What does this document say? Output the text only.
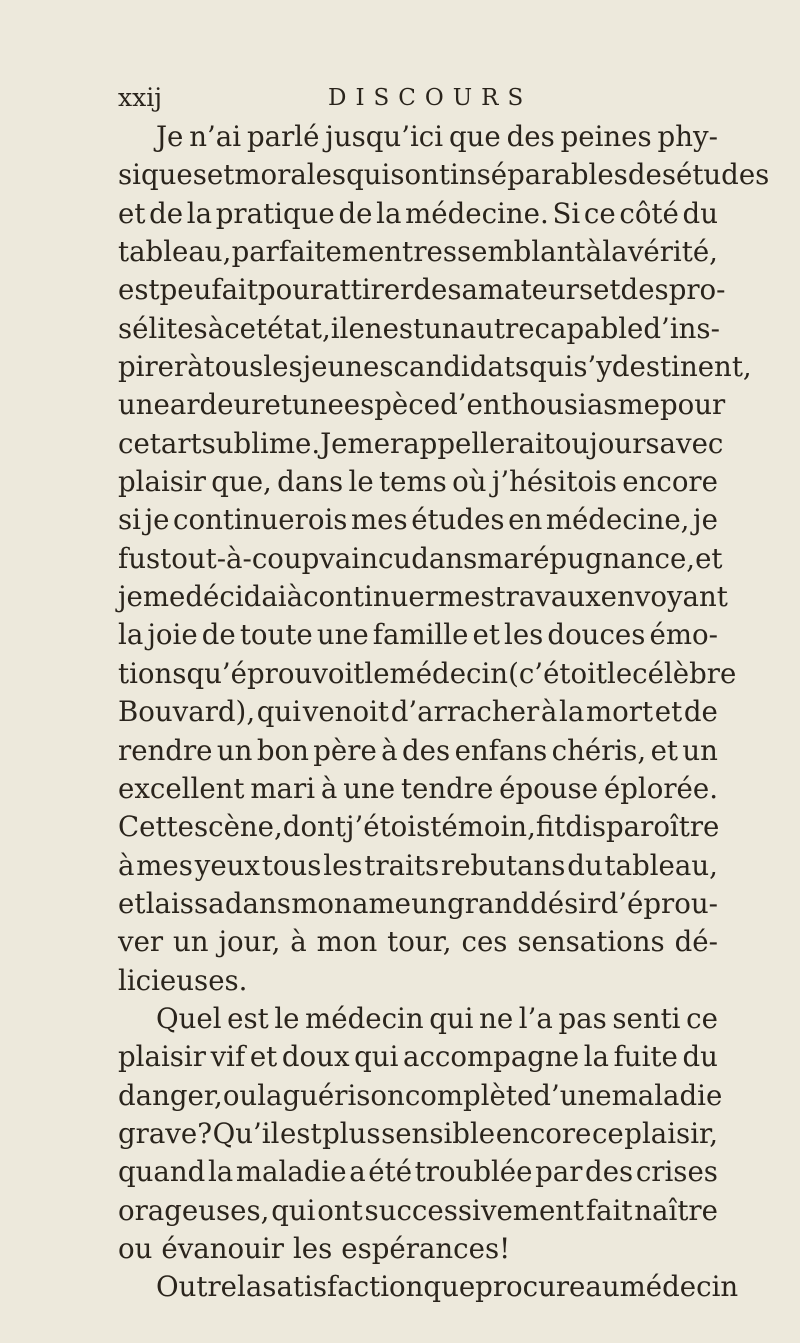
xxij	DISCOURS
Je n’ai parlé jusqu’ici que des peines phy-
siques et morales qui sont inséparables des études
et de la pratique de la médecine. Si ce côté du
tableau, parfaitement ressemblant à la vérité,
est peu fait pour attirer des amateurs et des pro-
sélites à cet état, il en est un autre capable d’ins-
pirer à tous les jeunes candidats qui s’y destinent,
une ardeur et une espèce d’enthousiasme pour
cet art sublime. Je me rappellerai toujours avec
plaisir que, dans le tems où j’hésitois encore
si je continuerois mes études en médecine, je
fus tout-à-coup vaincu dans ma répugnance, et
je me décidai à continuer mes travaux en voyant
la joie de toute une famille et les douces émo-
tions qu’éprouvoit le médecin (c’étoit le célèbre
Bouvard), qui venoit d’arracher à la mort et de
rendre un bon père à des enfans chéris, et un
excellent mari à une tendre épouse éplorée.
Cette scène, dont j’étois témoin, fit disparoître
à mes yeux tous les traits rebutans du tableau,
et laissa dans mon ame un grand désir d’éprou-
ver un jour, à mon tour, ces sensations dé-
licieuses.
Quel est le médecin qui ne l’a pas senti ce
plaisir vif et doux qui accompagne la fuite du
danger, ou la guérison complète d’une maladie
grave? Qu’il est plus sensible encore ce plaisir,
quand la maladie a été troublée par des crises
orageuses, qui ont successivement fait naître
ou évanouir les espérances!
Outre la satisfaction que procure au médecin
